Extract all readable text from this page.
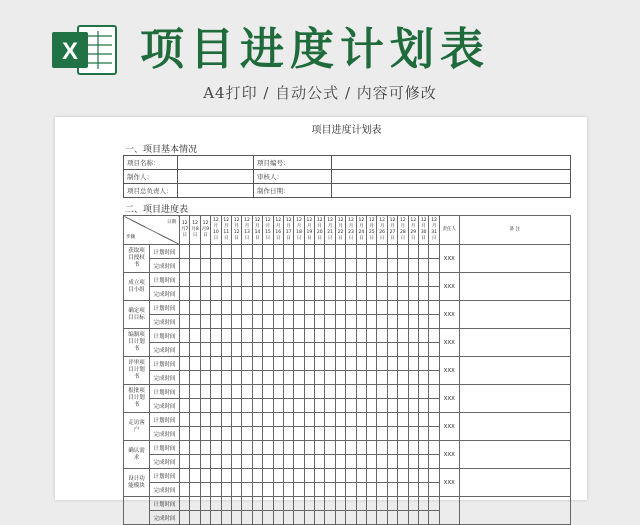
X 项目进度计划表
A4打印 / 自动公式 / 内容可修改
项目进度计划表
一、项目基本情况
项目名称：		项目编号：	
制作人：		审核人：	
项目总负责人：		制作日期：	
二、项目进度表
日期
步骤		12月7日	12月8日	12月9日	12月10日	12月11日	12月12日	12月13日	12月14日	12月15日	12月16日	12月17日	12月18日	12月19日	12月20日	12月21日	12月22日	12月23日	12月24日	12月25日	12月26日	12月27日	12月28日	12月29日	12月30日	12月31日	责任人	备 注
获取项目授权书	计划时间																										XXX	
	完成时间																											
成立项目小组	计划时间																										XXX	
	完成时间																											
确定项目目标	计划时间																										XXX	
	完成时间																											
编制项目计划书	计划时间																										XXX	
	完成时间																											
评审项目计划书	计划时间																										XXX	
	完成时间																											
报批项目计划书	计划时间																										XXX	
	完成时间																											
走访客户	计划时间																										XXX	
	完成时间																											
确认需求	计划时间																										XXX	
	完成时间																											
设计功能模块	计划时间																										XXX	
	完成时间																											
	计划时间																											
	完成时间																											
